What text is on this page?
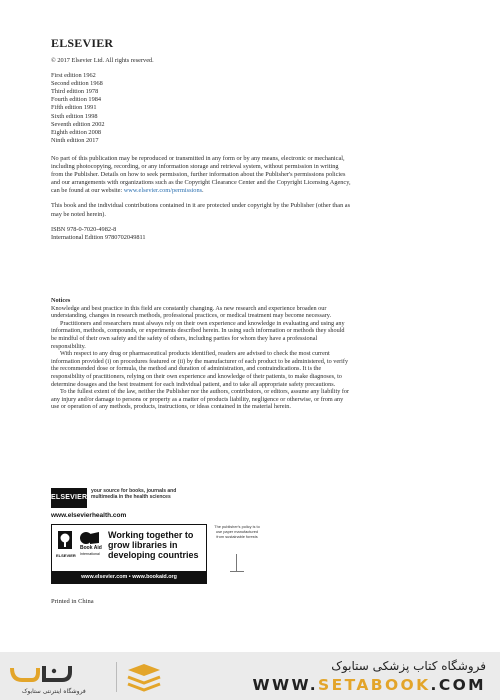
ELSEVIER

© 2017 Elsevier Ltd. All rights reserved.

First edition 1962
Second edition 1968
Third edition 1978
Fourth edition 1984
Fifth edition 1991
Sixth edition 1998
Seventh edition 2002
Eighth edition 2008
Ninth edition 2017

No part of this publication may be reproduced or transmitted in any form or by any means, electronic or mechanical, including photocopying, recording, or any information storage and retrieval system, without permission in writing from the Publisher. Details on how to seek permission, further information about the Publisher's permissions policies and our arrangements with organizations such as the Copyright Clearance Center and the Copyright Licensing Agency, can be found at our website: www.elsevier.com/permissions.

This book and the individual contributions contained in it are protected under copyright by the Publisher (other than as may be noted herein).

ISBN 978-0-7020-4982-8

International Edition 9780702049811

Notices

Knowledge and best practice in this field are constantly changing. As new research and experience broaden our understanding, changes in research methods, professional practices, or medical treatment may become necessary.

Practitioners and researchers must always rely on their own experience and knowledge in evaluating and using any information, methods, compounds, or experiments described herein. In using such information or methods they should be mindful of their own safety and the safety of others, including parties for whom they have a professional responsibility.

With respect to any drug or pharmaceutical products identified, readers are advised to check the most current information provided (i) on procedures featured or (ii) by the manufacturer of each product to be administered, to verify the recommended dose or formula, the method and duration of administration, and contraindications. It is the responsibility of practitioners, relying on their own experience and knowledge of their patients, to make diagnoses, to determine dosages and the best treatment for each individual patient, and to take all appropriate safety precautions.

To the fullest extent of the law, neither the Publisher nor the authors, contributors, or editors, assume any liability for any injury and/or damage to persons or property as a matter of products liability, negligence or otherwise, or from any use or operation of any methods, products, instructions, or ideas contained in the material herein.

ELSEVIER
your source for books, journals and multimedia in the health sciences
www.elsevierhealth.com
ELSEVIER
Book Aid
International
Working together to grow libraries in developing countries
www.elsevier.com • www.bookaid.org
The publisher's policy is to use paper manufactured from sustainable forests

Printed in China

فروشگاه اینترنتی ستابوک
فروشگاه کتاب پزشکی ستابوک
WWW.SETABOOK.COM
